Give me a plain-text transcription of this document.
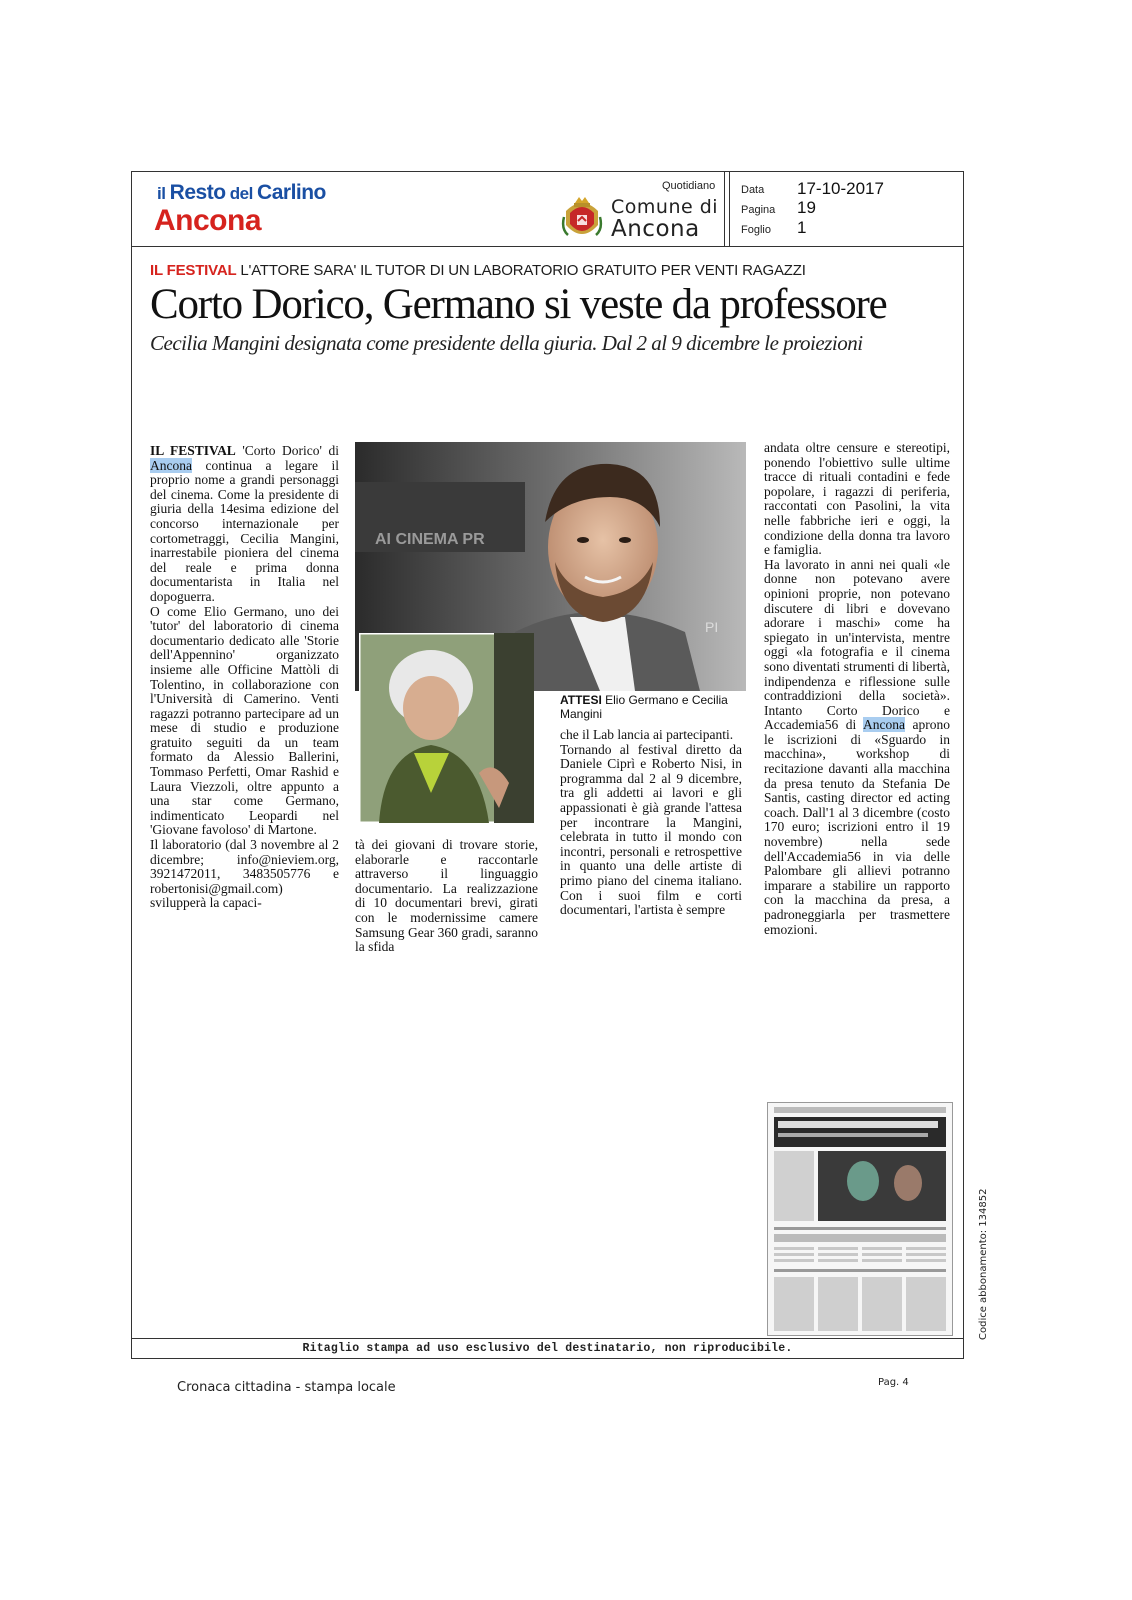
il Resto del Carlino
Ancona
Quotidiano
Comune di
Ancona
Data 17-10-2017
Pagina 19
Foglio 1
IL FESTIVAL L'ATTORE SARA' IL TUTOR DI UN LABORATORIO GRATUITO PER VENTI RAGAZZI
Corto Dorico, Germano si veste da professore
Cecilia Mangini designata come presidente della giuria. Dal 2 al 9 dicembre le proiezioni

IL FESTIVAL 'Corto Dorico' di Ancona continua a legare il proprio nome a grandi personaggi del cinema. Come la presidente di giuria della 14esima edizione del concorso internazionale per cortometraggi, Cecilia Mangini, inarrestabile pioniera del cinema del reale e prima donna documentarista in Italia nel dopoguerra.

O come Elio Germano, uno dei 'tutor' del laboratorio di cinema documentario dedicato alle 'Storie dell'Appennino' organizzato insieme alle Officine Mattòli di Tolentino, in collaborazione con l'Università di Camerino. Venti ragazzi potranno partecipare ad un mese di studio e produzione gratuito seguiti da un team formato da Alessio Ballerini, Tommaso Perfetti, Omar Rashid e Laura Viezzoli, oltre appunto a una star come Germano, indimenticato Leopardi nel 'Giovane favoloso' di Martone.

Il laboratorio (dal 3 novembre al 2 dicembre; info@nieviem.org, 3921472011, 3483505776 e robertonisi@gmail.com) svilupperà la capaci-

AI CINEMA PR
PI

tà dei giovani di trovare storie, elaborarle e raccontarle attraverso il linguaggio documentario. La realizzazione di 10 documentari brevi, girati con le modernissime camere Samsung Gear 360 gradi, saranno la sfida

ATTESI Elio Germano e Cecilia Mangini

che il Lab lancia ai partecipanti.

Tornando al festival diretto da Daniele Ciprì e Roberto Nisi, in programma dal 2 al 9 dicembre, tra gli addetti ai lavori e gli appassionati è già grande l'attesa per incontrare la Mangini, celebrata in tutto il mondo con incontri, personali e retrospettive in quanto una delle artiste di primo piano del cinema italiano. Con i suoi film e corti documentari, l'artista è sempre

andata oltre censure e stereotipi, ponendo l'obiettivo sulle ultime tracce di rituali contadini e fede popolare, i ragazzi di periferia, raccontati con Pasolini, la vita nelle fabbriche ieri e oggi, la condizione della donna tra lavoro e famiglia.

Ha lavorato in anni nei quali «le donne non potevano avere opinioni proprie, non potevano discutere di libri e dovevano adorare i maschi» come ha spiegato in un'intervista, mentre oggi «la fotografia e il cinema sono diventati strumenti di libertà, indipendenza e riflessione sulle contraddizioni della società». Intanto Corto Dorico e Accademia56 di Ancona aprono le iscrizioni di «Sguardo in macchina», workshop di recitazione davanti alla macchina da presa tenuto da Stefania De Santis, casting director ed acting coach. Dall'1 al 3 dicembre (costo 170 euro; iscrizioni entro il 19 novembre) nella sede dell'Accademia56 in via delle Palombare gli allievi potranno imparare a stabilire un rapporto con la macchina da presa, a padroneggiarla per trasmettere emozioni.

Ritaglio stampa ad uso esclusivo del destinatario, non riproducibile.
Cronaca cittadina - stampa locale	Pag. 4
Codice abbonamento: 134852
